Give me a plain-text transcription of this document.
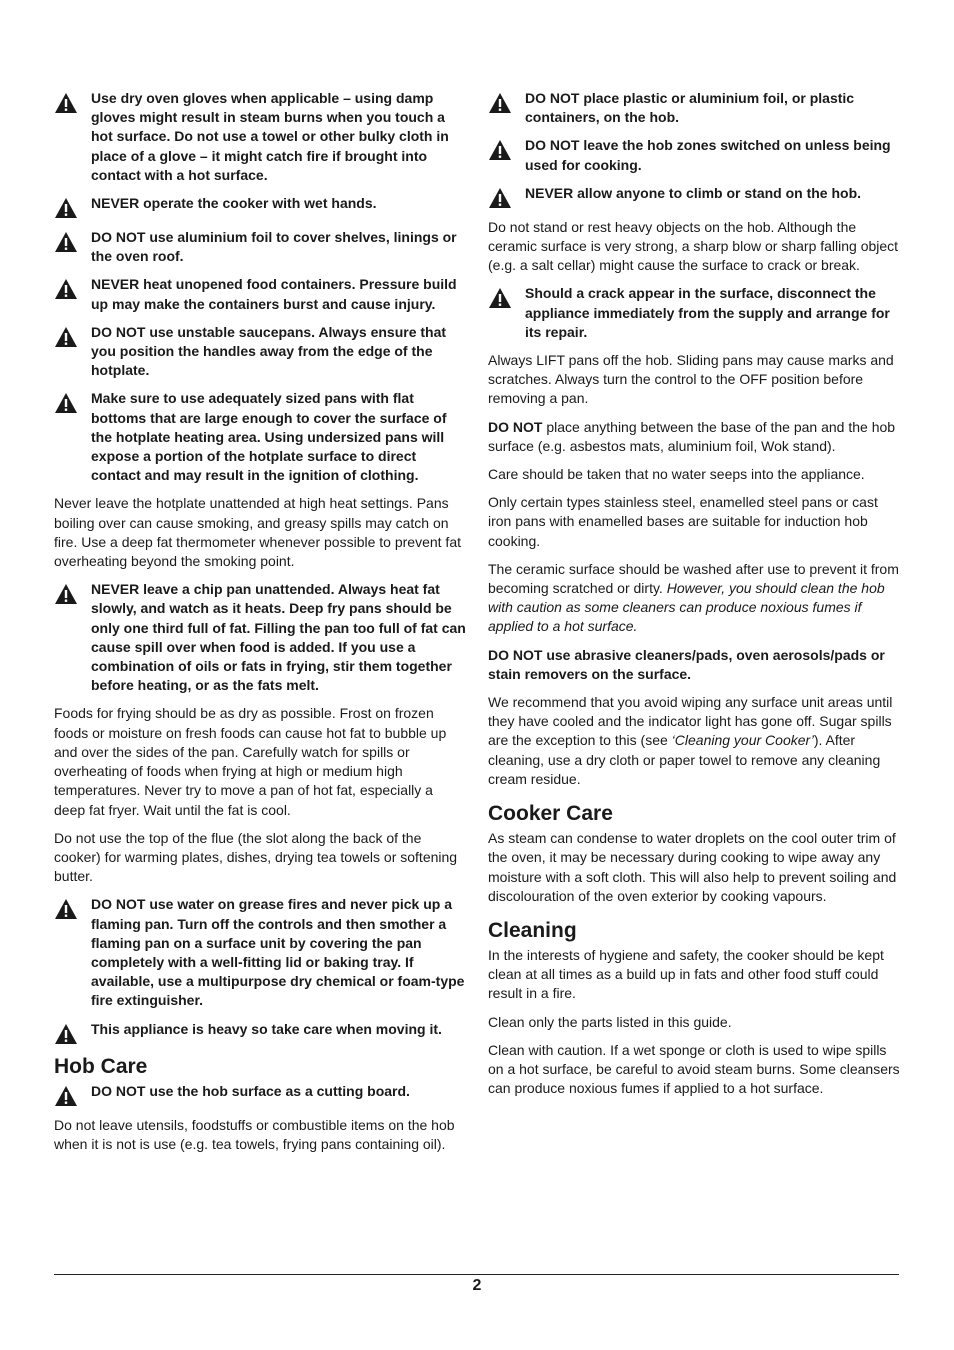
Use dry oven gloves when applicable – using damp gloves might result in steam burns when you touch a hot surface. Do not use a towel or other bulky cloth in place of a glove – it might catch fire if brought into contact with a hot surface.
NEVER operate the cooker with wet hands.
DO NOT use aluminium foil to cover shelves, linings or the oven roof.
NEVER heat unopened food containers. Pressure build up may make the containers burst and cause injury.
DO NOT use unstable saucepans. Always ensure that you position the handles away from the edge of the hotplate.
Make sure to use adequately sized pans with flat bottoms that are large enough to cover the surface of the hotplate heating area. Using undersized pans will expose a portion of the hotplate surface to direct contact and may result in the ignition of clothing.

Never leave the hotplate unattended at high heat settings. Pans boiling over can cause smoking, and greasy spills may catch on fire. Use a deep fat thermometer whenever possible to prevent fat overheating beyond the smoking point.

NEVER leave a chip pan unattended. Always heat fat slowly, and watch as it heats. Deep fry pans should be only one third full of fat. Filling the pan too full of fat can cause spill over when food is added. If you use a combination of oils or fats in frying, stir them together before heating, or as the fats melt.

Foods for frying should be as dry as possible. Frost on frozen foods or moisture on fresh foods can cause hot fat to bubble up and over the sides of the pan. Carefully watch for spills or overheating of foods when frying at high or medium high temperatures. Never try to move a pan of hot fat, especially a deep fat fryer. Wait until the fat is cool.

Do not use the top of the flue (the slot along the back of the cooker) for warming plates, dishes, drying tea towels or softening butter.

DO NOT use water on grease fires and never pick up a flaming pan. Turn off the controls and then smother a flaming pan on a surface unit by covering the pan completely with a well-fitting lid or baking tray. If available, use a multipurpose dry chemical or foam-type fire extinguisher.
This appliance is heavy so take care when moving it.
Hob Care
DO NOT use the hob surface as a cutting board.

Do not leave utensils, foodstuffs or combustible items on the hob when it is not is use (e.g. tea towels, frying pans containing oil).

DO NOT place plastic or aluminium foil, or plastic containers, on the hob.
DO NOT leave the hob zones switched on unless being used for cooking.
NEVER allow anyone to climb or stand on the hob.

Do not stand or rest heavy objects on the hob. Although the ceramic surface is very strong, a sharp blow or sharp falling object (e.g. a salt cellar) might cause the surface to crack or break.

Should a crack appear in the surface, disconnect the appliance immediately from the supply and arrange for its repair.

Always LIFT pans off the hob. Sliding pans may cause marks and scratches. Always turn the control to the OFF position before removing a pan.

DO NOT place anything between the base of the pan and the hob surface (e.g. asbestos mats, aluminium foil, Wok stand).

Care should be taken that no water seeps into the appliance.

Only certain types stainless steel, enamelled steel pans or cast iron pans with enamelled bases are suitable for induction hob cooking.

The ceramic surface should be washed after use to prevent it from becoming scratched or dirty. However, you should clean the hob with caution as some cleaners can produce noxious fumes if applied to a hot surface.

DO NOT use abrasive cleaners/pads, oven aerosols/pads or stain removers on the surface.

We recommend that you avoid wiping any surface unit areas until they have cooled and the indicator light has gone off. Sugar spills are the exception to this (see ‘Cleaning your Cooker’). After cleaning, use a dry cloth or paper towel to remove any cleaning cream residue.

Cooker Care

As steam can condense to water droplets on the cool outer trim of the oven, it may be necessary during cooking to wipe away any moisture with a soft cloth. This will also help to prevent soiling and discolouration of the oven exterior by cooking vapours.

Cleaning

In the interests of hygiene and safety, the cooker should be kept clean at all times as a build up in fats and other food stuff could result in a fire.

Clean only the parts listed in this guide.

Clean with caution. If a wet sponge or cloth is used to wipe spills on a hot surface, be careful to avoid steam burns. Some cleansers can produce noxious fumes if applied to a hot surface.

2
